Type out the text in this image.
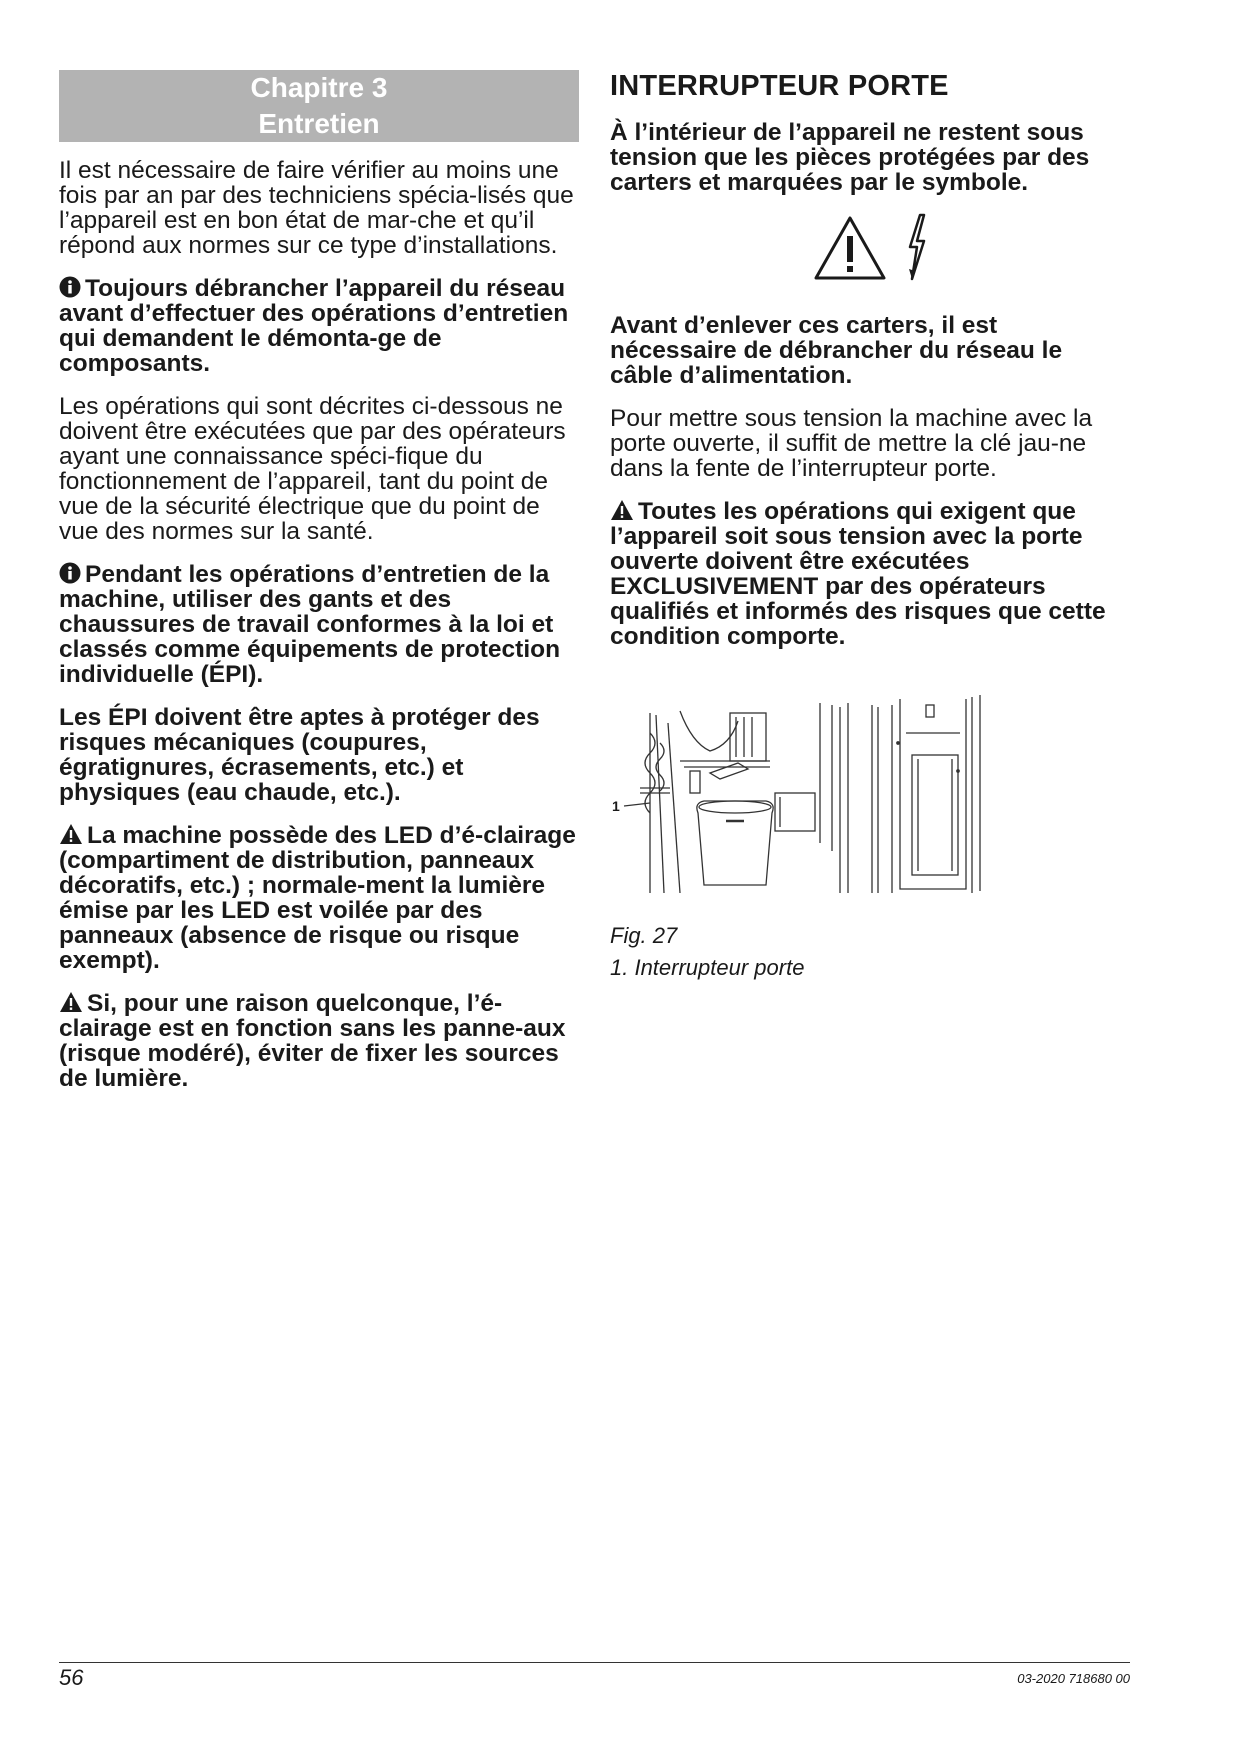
Chapitre 3
Entretien

Il est nécessaire de faire vérifier au moins une fois par an par des techniciens spécia-lisés que l’appareil est en bon état de mar-che et qu’il répond aux normes sur ce type d’installations.

Toujours débrancher l’appareil du réseau avant d’effectuer des opérations d’entretien qui demandent le démonta-ge de composants.

Les opérations qui sont décrites ci-dessous ne doivent être exécutées que par des opérateurs ayant une connaissance spéci-fique du fonctionnement de l’appareil, tant du point de vue de la sécurité électrique que du point de vue des normes sur la santé.

Pendant les opérations d’entretien de la machine, utiliser des gants et des chaussures de travail conformes à la loi et classés comme équipements de protection individuelle (ÉPI).

Les ÉPI doivent être aptes à protéger des risques mécaniques (coupures, égratignures, écrasements, etc.) et physiques (eau chaude, etc.).

La machine possède des LED d’é-clairage (compartiment de distribution, panneaux décoratifs, etc.) ; normale-ment la lumière émise par les LED est voilée par des panneaux (absence de risque ou risque exempt).

Si, pour une raison quelconque, l’é-clairage est en fonction sans les panne-aux (risque modéré), éviter de fixer les sources de lumière.

INTERRUPTEUR PORTE

À l’intérieur de l’appareil ne restent sous tension que les pièces protégées par des carters et marquées par le symbole.

Avant d’enlever ces carters, il est nécessaire de débrancher du réseau le câble d’alimentation.

Pour mettre sous tension la machine avec la porte ouverte, il suffit de mettre la clé jau-ne dans la fente de l’interrupteur porte.

Toutes les opérations qui exigent que l’appareil soit sous tension avec la porte ouverte doivent être exécutées EXCLUSIVEMENT par des opérateurs qualifiés et informés des risques que cette condition comporte.

1

Fig. 27

1. Interrupteur porte

56	03-2020 718680 00
